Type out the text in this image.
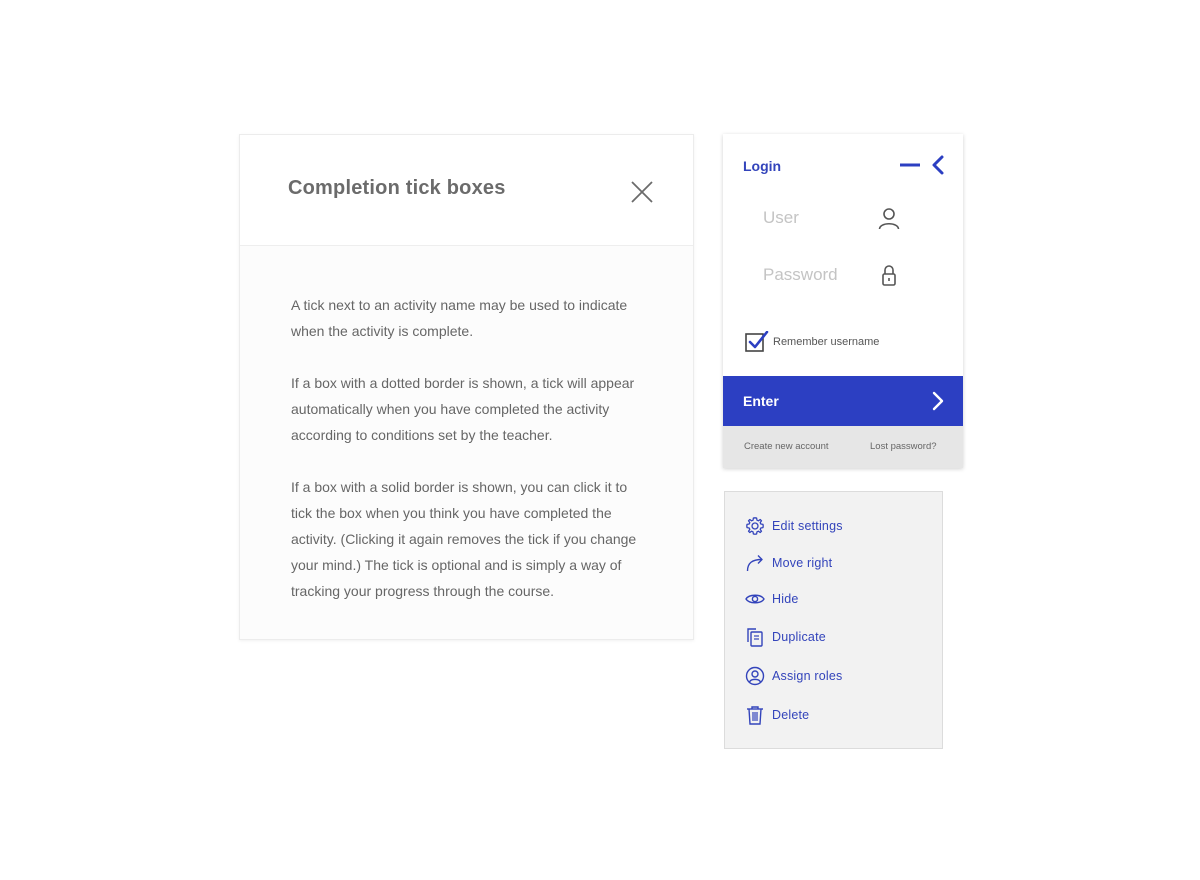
Completion tick boxes

A tick next to an activity name may be used to indicate when the activity is complete.

If a box with a dotted border is shown, a tick will appear automatically when you have completed the activity according to conditions set by the teacher.

If a box with a solid border is shown, you can click it to tick the box when you think you have completed the activity. (Clicking it again removes the tick if you change your mind.) The tick is optional and is simply a way of tracking your progress through the course.

Login
User
Remember username
Enter
Create new account	Lost password?
Edit settings
Move right
Hide
Duplicate
Assign roles
Delete
